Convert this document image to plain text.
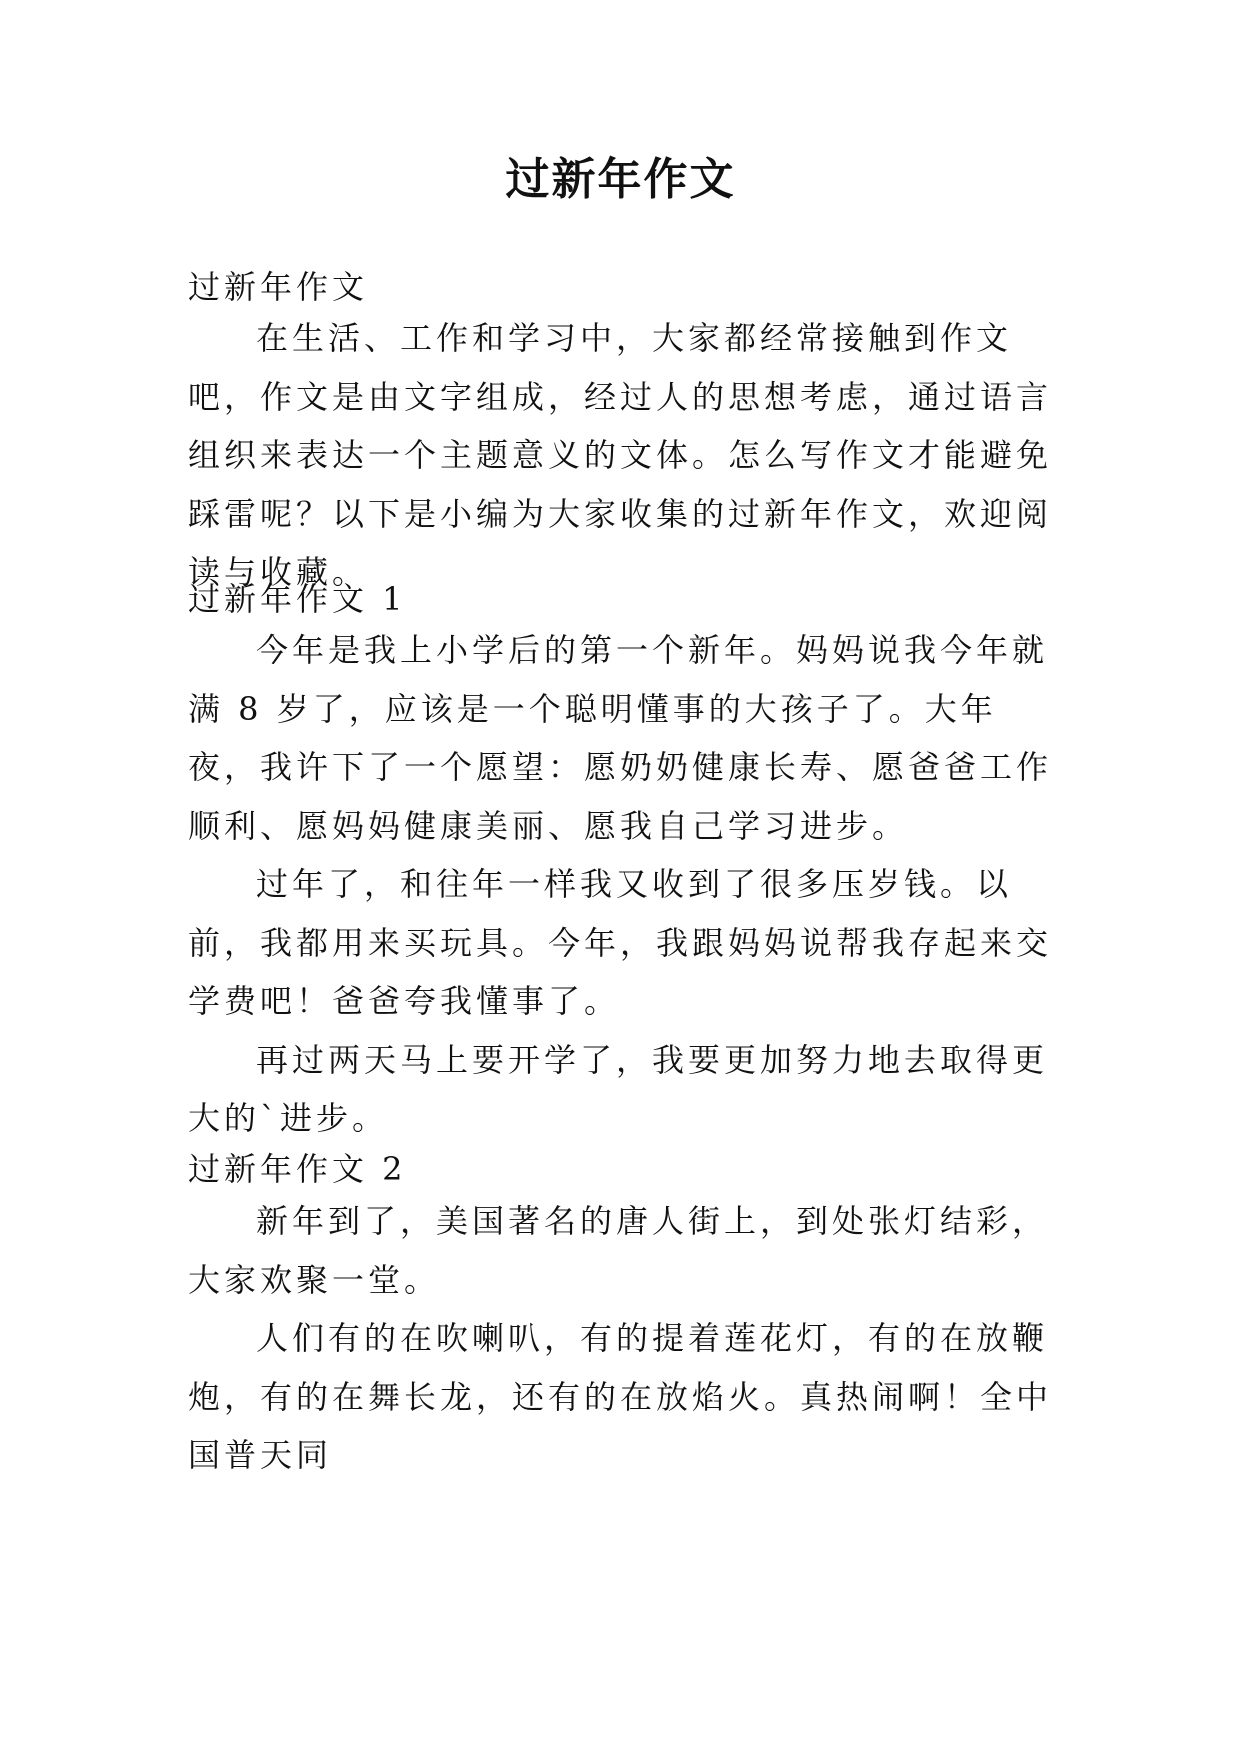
过新年作文
过新年作文

在生活、工作和学习中，大家都经常接触到作文吧，作文是由文字组成，经过人的思想考虑，通过语言组织来表达一个主题意义的文体。怎么写作文才能避免踩雷呢？以下是小编为大家收集的过新年作文，欢迎阅读与收藏。

过新年作文 1

今年是我上小学后的第一个新年。妈妈说我今年就满 8 岁了，应该是一个聪明懂事的大孩子了。大年夜，我许下了一个愿望：愿奶奶健康长寿、愿爸爸工作顺利、愿妈妈健康美丽、愿我自己学习进步。

过年了，和往年一样我又收到了很多压岁钱。以前，我都用来买玩具。今年，我跟妈妈说帮我存起来交学费吧！爸爸夸我懂事了。

再过两天马上要开学了，我要更加努力地去取得更大的`进步。

过新年作文 2

新年到了，美国著名的唐人街上，到处张灯结彩，大家欢聚一堂。

人们有的在吹喇叭，有的提着莲花灯，有的在放鞭炮，有的在舞长龙，还有的在放焰火。真热闹啊！全中国普天同
